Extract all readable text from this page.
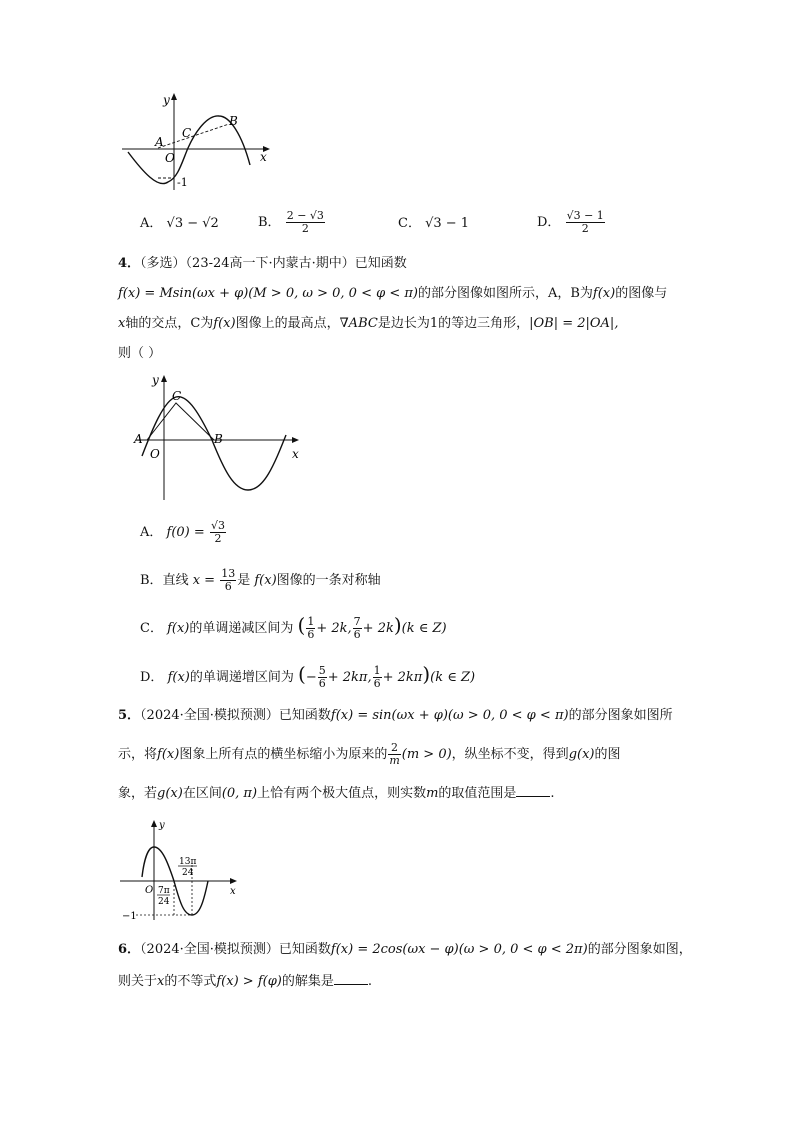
y
x
A
C
B
O
-1
A． √3 − √2	B． $\frac{2 - √3}{2}$	C． √3 − 1	D． $\frac{√3 - 1}{2}$
4．（多选）（23-24高一下·内蒙古·期中）已知函数
f(x) = Msin(ωx + φ)(M > 0, ω > 0, 0 < φ < π)的部分图像如图所示，A，B为f(x)的图像与
x轴的交点，C为f(x)图像上的最高点，∇ABC是边长为1的等边三角形，|OB| = 2|OA|,
则（ ）
y
C
A	B
O	x
A． $f(0) = \frac{√3}{2}$
B．直线 $x = \frac{13}{6}$ 是 f(x)图像的一条对称轴
C． f(x)的单调递减区间为 ( $\frac{1}{6} + 2k$, $\frac{7}{6} + 2k)(k$ ∈ Z)
D． f(x)的单调递增区间为 (− $\frac{5}{6} + 2k\pi$, $\frac{1}{6} + 2k\pi)(k$ ∈ Z)
5．（2024·全国·模拟预测）已知函数f(x) = sin(ωx + φ)(ω > 0, 0 < φ < π)的部分图象如图所
示，将f(x)图象上所有点的横坐标缩小为原来的 $\frac{2}{m} (m > 0)$，纵坐标不变，得到g(x)的图
象，若g(x)在区间(0, π)上恰有两个极大值点，则实数m的取值范围是	.
y
x
O 7π
24
13π
24
−1
6．（2024·全国·模拟预测）已知函数f(x) = 2cos(ωx − φ)(ω > 0, 0 < φ < 2π)的部分图象如图，
则关于x的不等式f(x) > f(φ)的解集是	.
